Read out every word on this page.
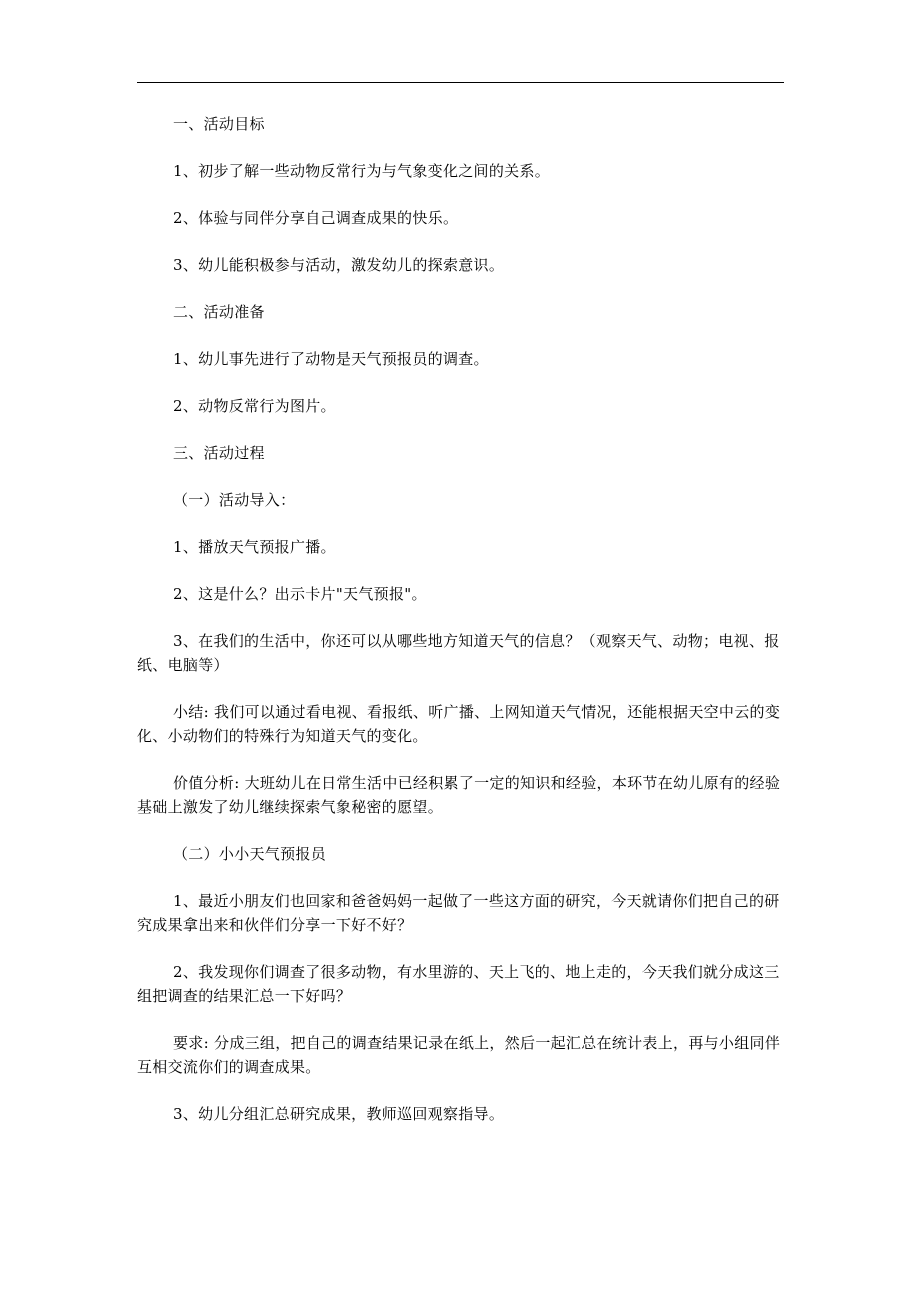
一、活动目标

1、初步了解一些动物反常行为与气象变化之间的关系。

2、体验与同伴分享自己调查成果的快乐。

3、幼儿能积极参与活动，激发幼儿的探索意识。

二、活动准备

1、幼儿事先进行了动物是天气预报员的调查。

2、动物反常行为图片。

三、活动过程

（一）活动导入：

1、播放天气预报广播。

2、这是什么？出示卡片"天气预报"。

3、在我们的生活中，你还可以从哪些地方知道天气的信息？（观察天气、动物；电视、报纸、电脑等）

小结: 我们可以通过看电视、看报纸、听广播、上网知道天气情况，还能根据天空中云的变化、小动物们的特殊行为知道天气的变化。

价值分析: 大班幼儿在日常生活中已经积累了一定的知识和经验，本环节在幼儿原有的经验基础上激发了幼儿继续探索气象秘密的愿望。

（二）小小天气预报员

1、最近小朋友们也回家和爸爸妈妈一起做了一些这方面的研究，今天就请你们把自己的研究成果拿出来和伙伴们分享一下好不好？

2、我发现你们调查了很多动物，有水里游的、天上飞的、地上走的，今天我们就分成这三组把调查的结果汇总一下好吗？

要求: 分成三组，把自己的调查结果记录在纸上，然后一起汇总在统计表上，再与小组同伴互相交流你们的调查成果。

3、幼儿分组汇总研究成果，教师巡回观察指导。
